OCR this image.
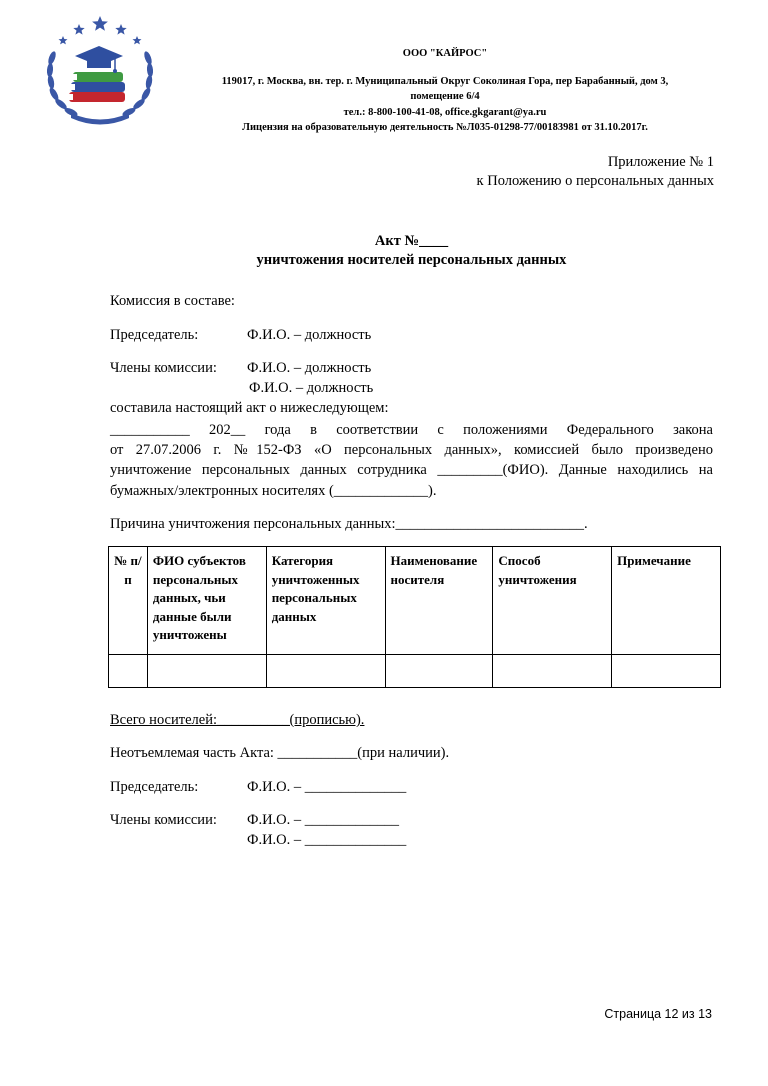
2011
ООО "КАЙРОС"
119017, г. Москва, вн. тер. г. Муниципальный Округ Соколиная Гора, пер Барабанный, дом 3,
помещение 6/4
тел.: 8-800-100-41-08, office.gkgarant@ya.ru
Лицензия на образовательную деятельность №Л035-01298-77/00183981 от 31.10.2017г.
Приложение № 1
к Положению о персональных данных
Акт №____
уничтожения носителей персональных данных
Комиссия в составе:
Председатель:	Ф.И.О. – должность
Члены комиссии: Ф.И.О. – должность
Ф.И.О. – должность
составила настоящий акт о нижеследующем:
___________ 202__ года в соответствии с положениями Федерального закона
от 27.07.2006 г. №152-ФЗ «О персональных данных», комиссией было произведено
уничтожение персональных данных сотрудника _________(ФИО). Данные находились на
бумажных/электронных носителях (_____________).
Причина уничтожения персональных данных:__________________________.
№ п/п	ФИО субъектов персональных данных, чьи данные были уничтожены	Категория уничтоженных персональных данных	Наименование носителя	Способ уничтожения	Примечание

Всего носителей:__________(прописью).
Неотъемлемая часть Акта: ___________(при наличии).
Председатель:	Ф.И.О. – ______________
Члены комиссии: Ф.И.О. – _____________
Ф.И.О. – ______________
Страница 12 из 13
